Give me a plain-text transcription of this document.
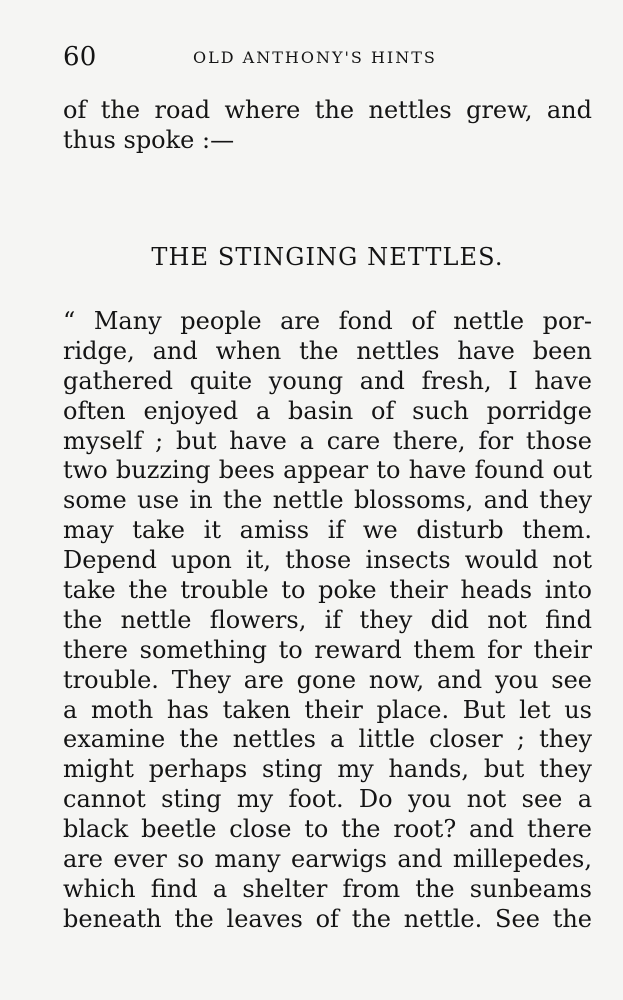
60	OLD ANTHONY'S HINTS
of the road where the nettles grew, and
thus spoke :—
THE STINGING NETTLES.
“ Many people are fond of nettle por-
ridge, and when the nettles have been
gathered quite young and fresh, I have
often enjoyed a basin of such porridge
myself ; but have a care there, for those
two buzzing bees appear to have found out
some use in the nettle blossoms, and they
may take it amiss if we disturb them.
Depend upon it, those insects would not
take the trouble to poke their heads into
the nettle flowers, if they did not find
there something to reward them for their
trouble. They are gone now, and you see
a moth has taken their place. But let us
examine the nettles a little closer ; they
might perhaps sting my hands, but they
cannot sting my foot. Do you not see a
black beetle close to the root? and there
are ever so many earwigs and millepedes,
which find a shelter from the sunbeams
beneath the leaves of the nettle. See the
